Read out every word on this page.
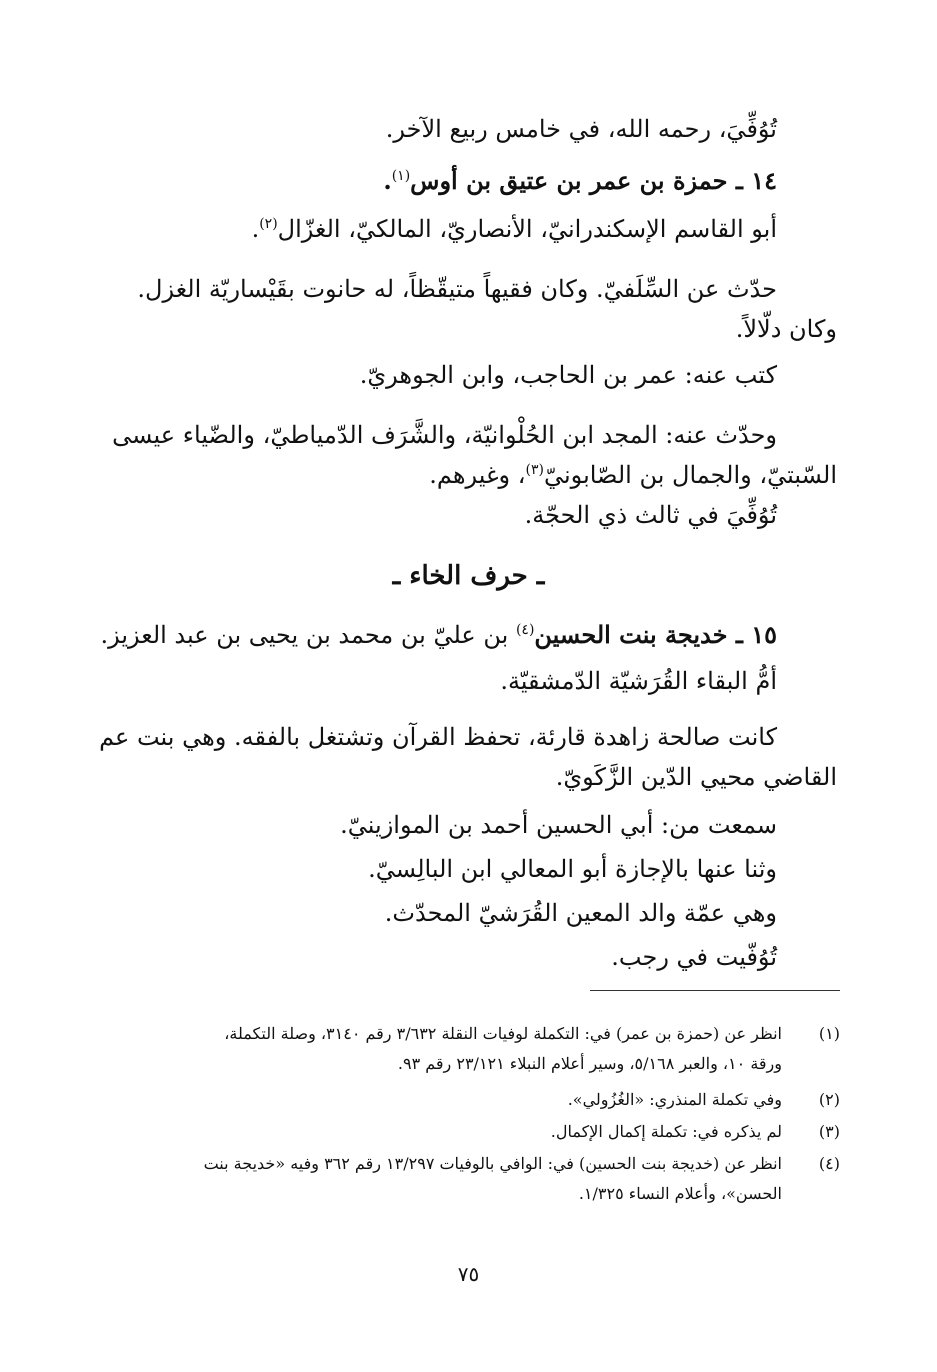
تُوُفِّيَ، رحمه الله، في خامس ربيع الآخر.
١٤ ـ حمزة بن عمر بن عتيق بن أوس$^{(١)}$.
أبو القاسم الإسكندرانيّ، الأنصاريّ، المالكيّ، الغزّال$^{(٢)}$.
حدّث عن السِّلَفيّ. وكان فقيهاً متيقّظاً، له حانوت بقَيْساريّة الغزل.
وكان دلّالاً.
كتب عنه: عمر بن الحاجب، وابن الجوهريّ.
وحدّث عنه: المجد ابن الحُلْوانيّة، والشَّرَف الدّمياطيّ، والضّياء عيسى
السّبتيّ، والجمال بن الصّابونيّ$^{(٣)}$، وغيرهم.
تُوُفِّيَ في ثالث ذي الحجّة.
ـ حرف الخاء ـ
١٥ ـ خديجة بنت الحسين$^{(٤)}$ بن عليّ بن محمد بن يحيى بن عبد العزيز.
أمُّ البقاء القُرَشيّة الدّمشقيّة.
كانت صالحة زاهدة قارئة، تحفظ القرآن وتشتغل بالفقه. وهي بنت عم
القاضي محيي الدّين الزَّكَويّ.
سمعت من: أبي الحسين أحمد بن الموازينيّ.
وثنا عنها بالإجازة أبو المعالي ابن البالِسيّ.
وهي عمّة والد المعين القُرَشيّ المحدّث.
تُوُفّيت في رجب.
(١)
انظر عن (حمزة بن عمر) في: التكملة لوفيات النقلة ٣/٦٣٢ رقم ٣١٤٠، وصلة التكملة،
ورقة ١٠، والعبر ٥/١٦٨، وسير أعلام النبلاء ٢٣/١٢١ رقم ٩٣.
(٢)
وفي تكملة المنذري: «الغُزُولي».
(٣)
لم يذكره في: تكملة إكمال الإكمال.
(٤)
انظر عن (خديجة بنت الحسين) في: الوافي بالوفيات ١٣/٢٩٧ رقم ٣٦٢ وفيه «خديجة بنت
الحسن»، وأعلام النساء ١/٣٢٥.
٧٥
